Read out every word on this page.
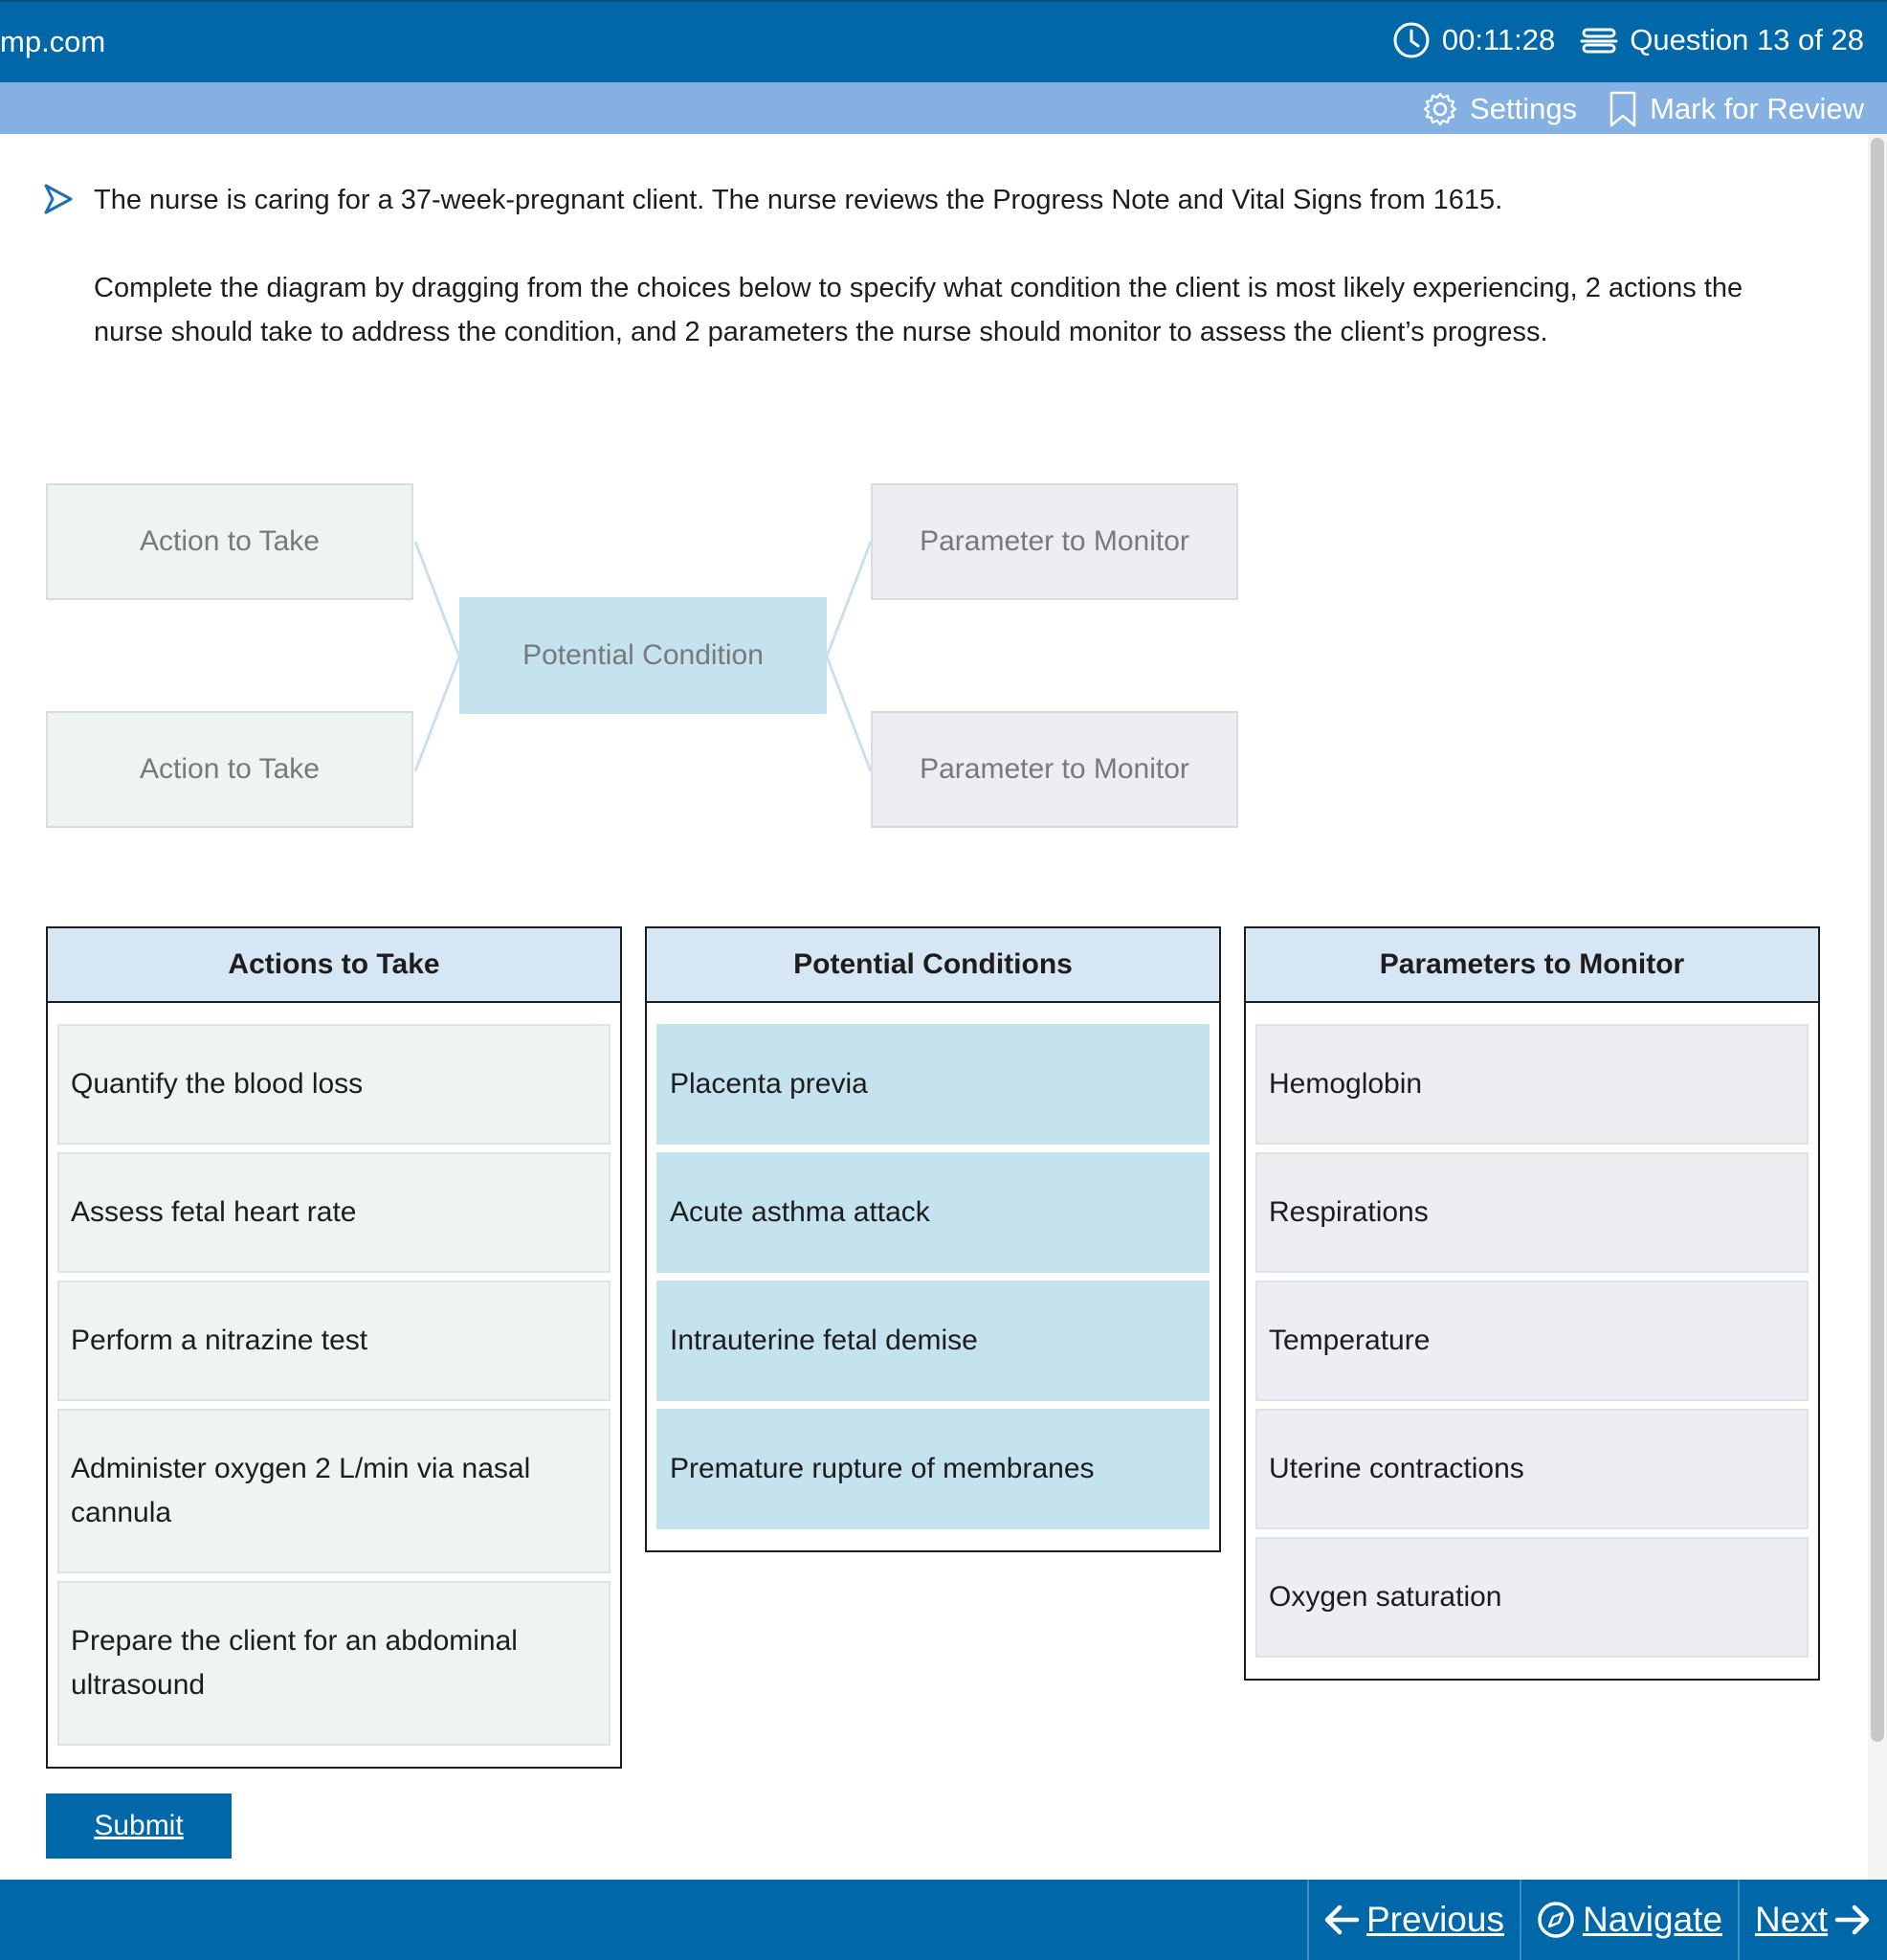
mp.com	00:11:28	Question 13 of 28
Settings Mark for Review

The nurse is caring for a 37-week-pregnant client. The nurse reviews the Progress Note and Vital Signs from 1615.

Complete the diagram by dragging from the choices below to specify what condition the client is most likely experiencing, 2 actions the nurse should take to address the condition, and 2 parameters the nurse should monitor to assess the client’s progress.

Action to Take
Action to Take
Potential Condition
Parameter to Monitor
Parameter to Monitor
Actions to Take
Quantify the blood loss
Assess fetal heart rate
Perform a nitrazine test
Administer oxygen 2 L/min via nasal cannula
Prepare the client for an abdominal ultrasound
Potential Conditions
Placenta previa
Acute asthma attack
Intrauterine fetal demise
Premature rupture of membranes
Parameters to Monitor
Hemoglobin
Respirations
Temperature
Uterine contractions
Oxygen saturation
Submit
Previous Navigate Next
